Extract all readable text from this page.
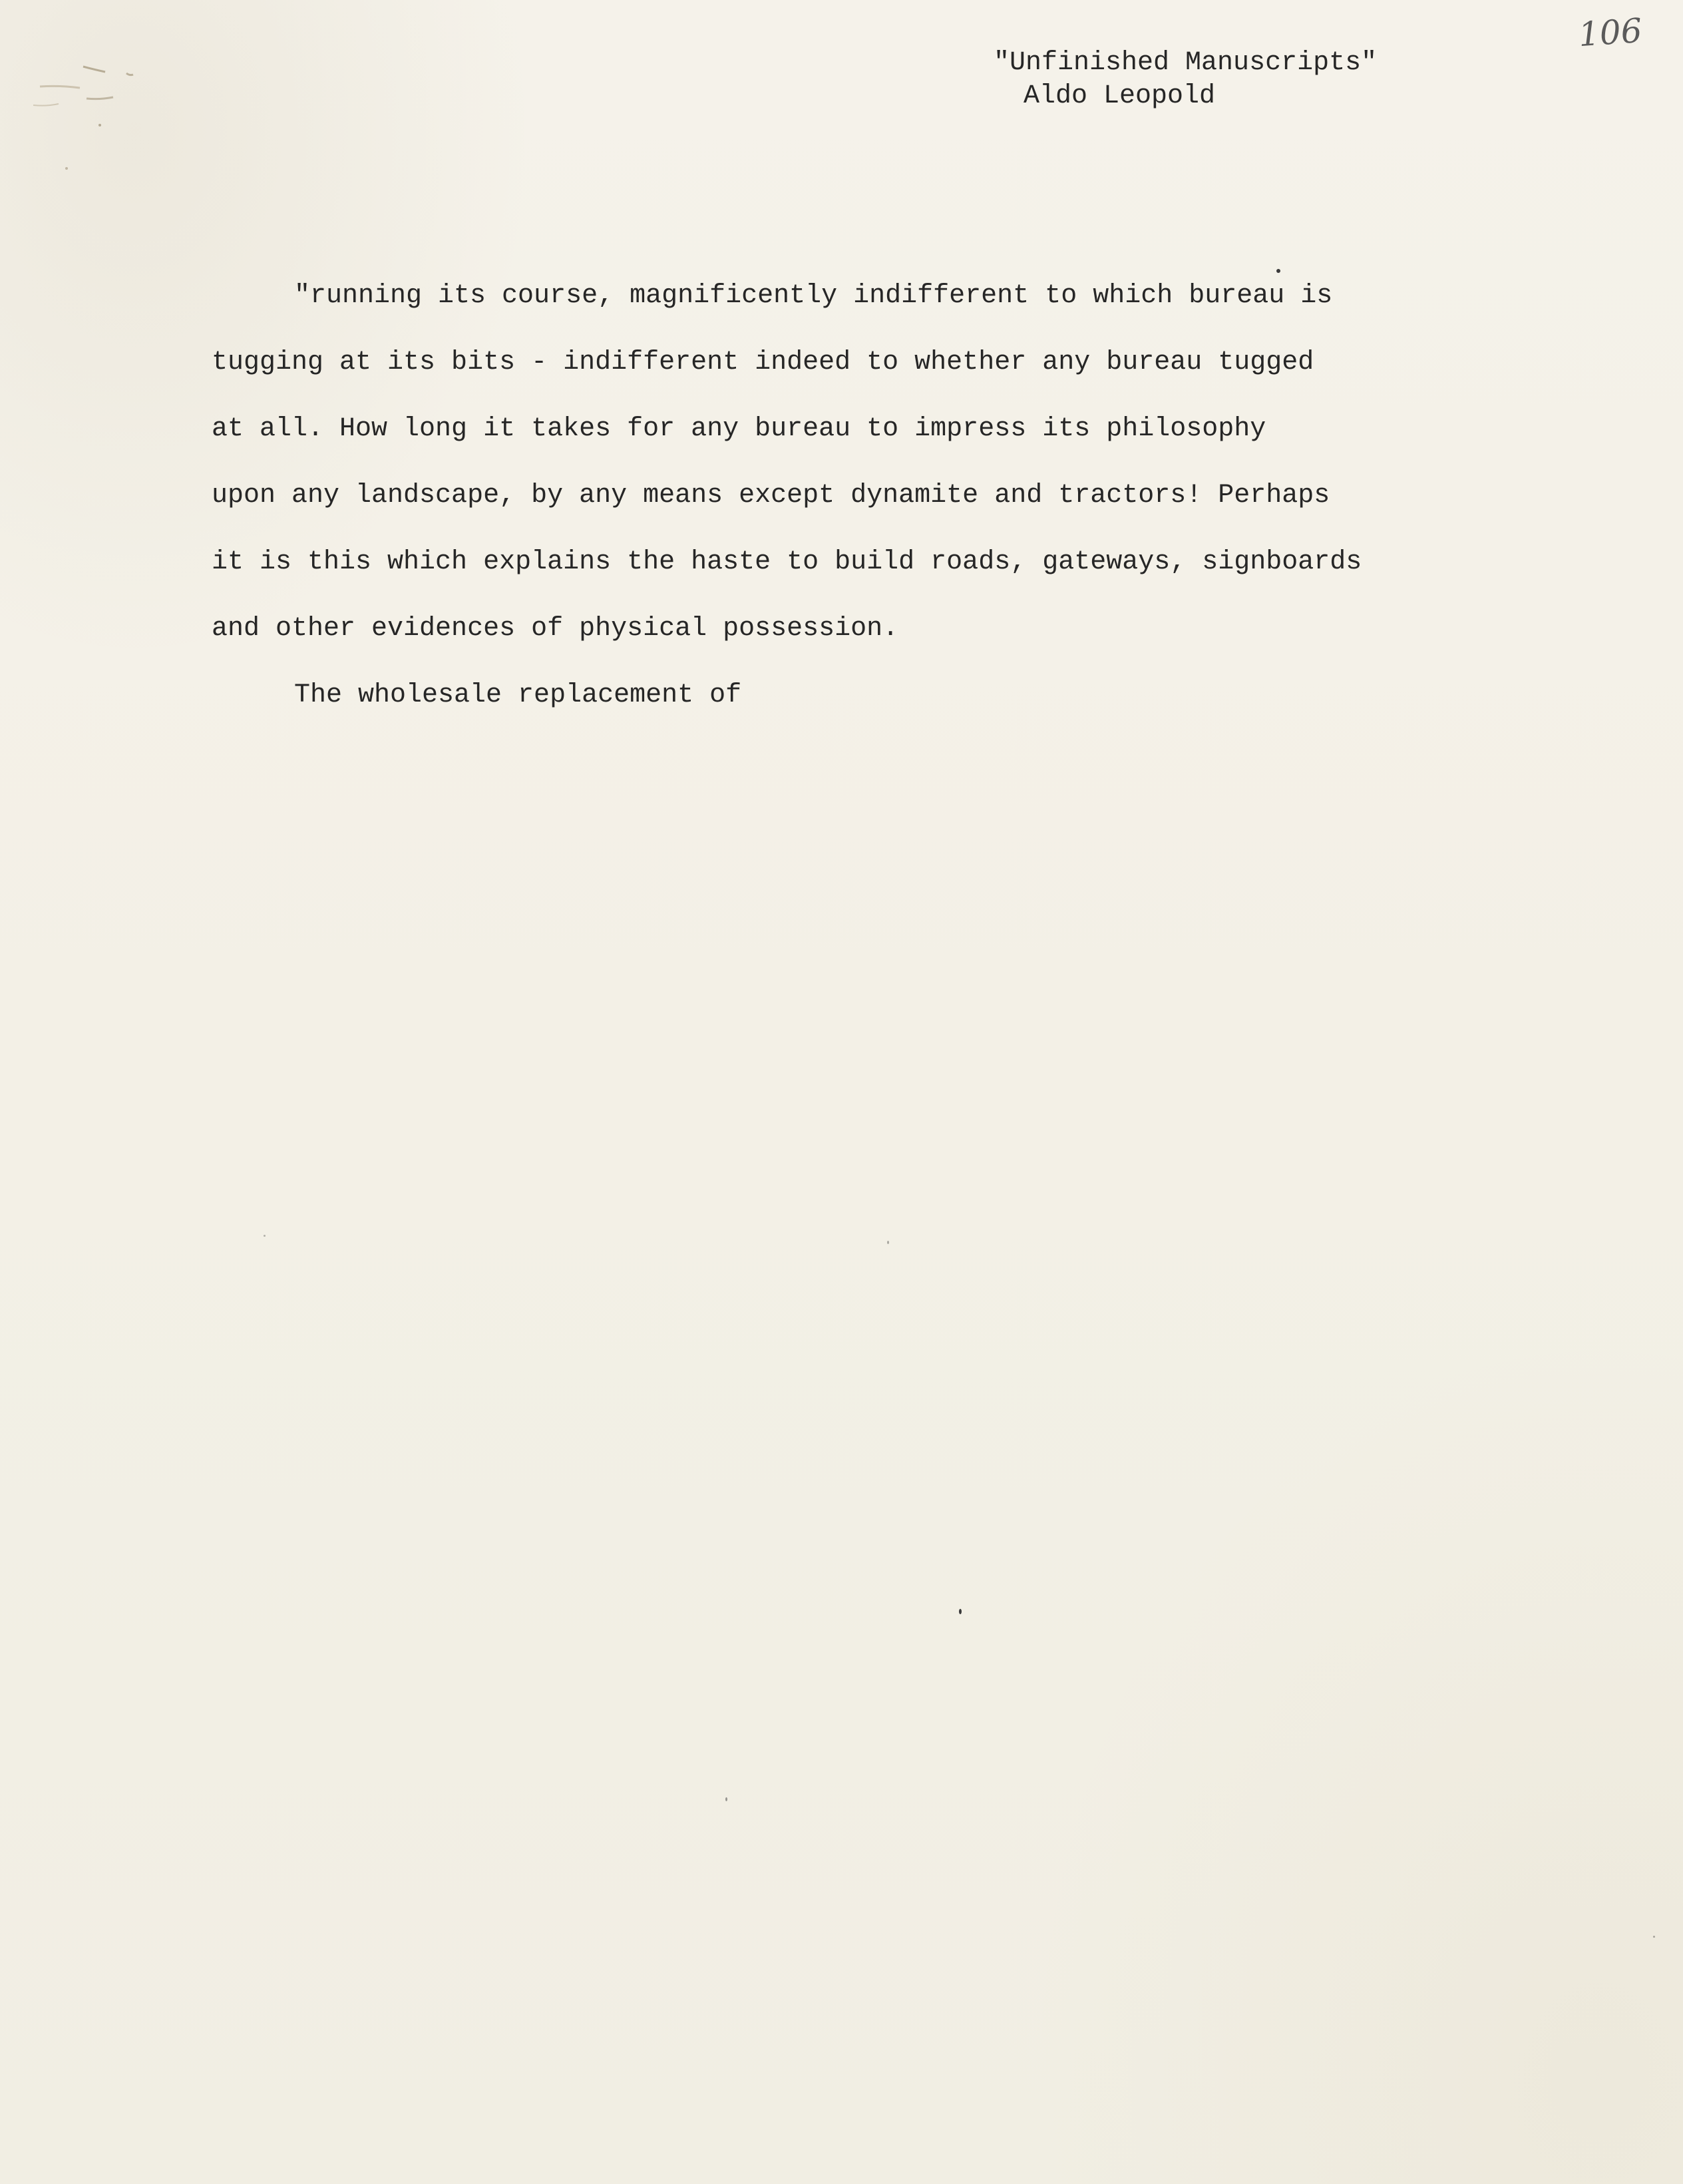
106
"Unfinished Manuscripts"
Aldo Leopold
"running its course, magnificently indifferent to which bureau is
tugging at its bits - indifferent indeed to whether any bureau tugged
at all. How long it takes for any bureau to impress its philosophy
upon any landscape, by any means except dynamite and tractors! Perhaps
it is this which explains the haste to build roads, gateways, signboards
and other evidences of physical possession.
The wholesale replacement of
